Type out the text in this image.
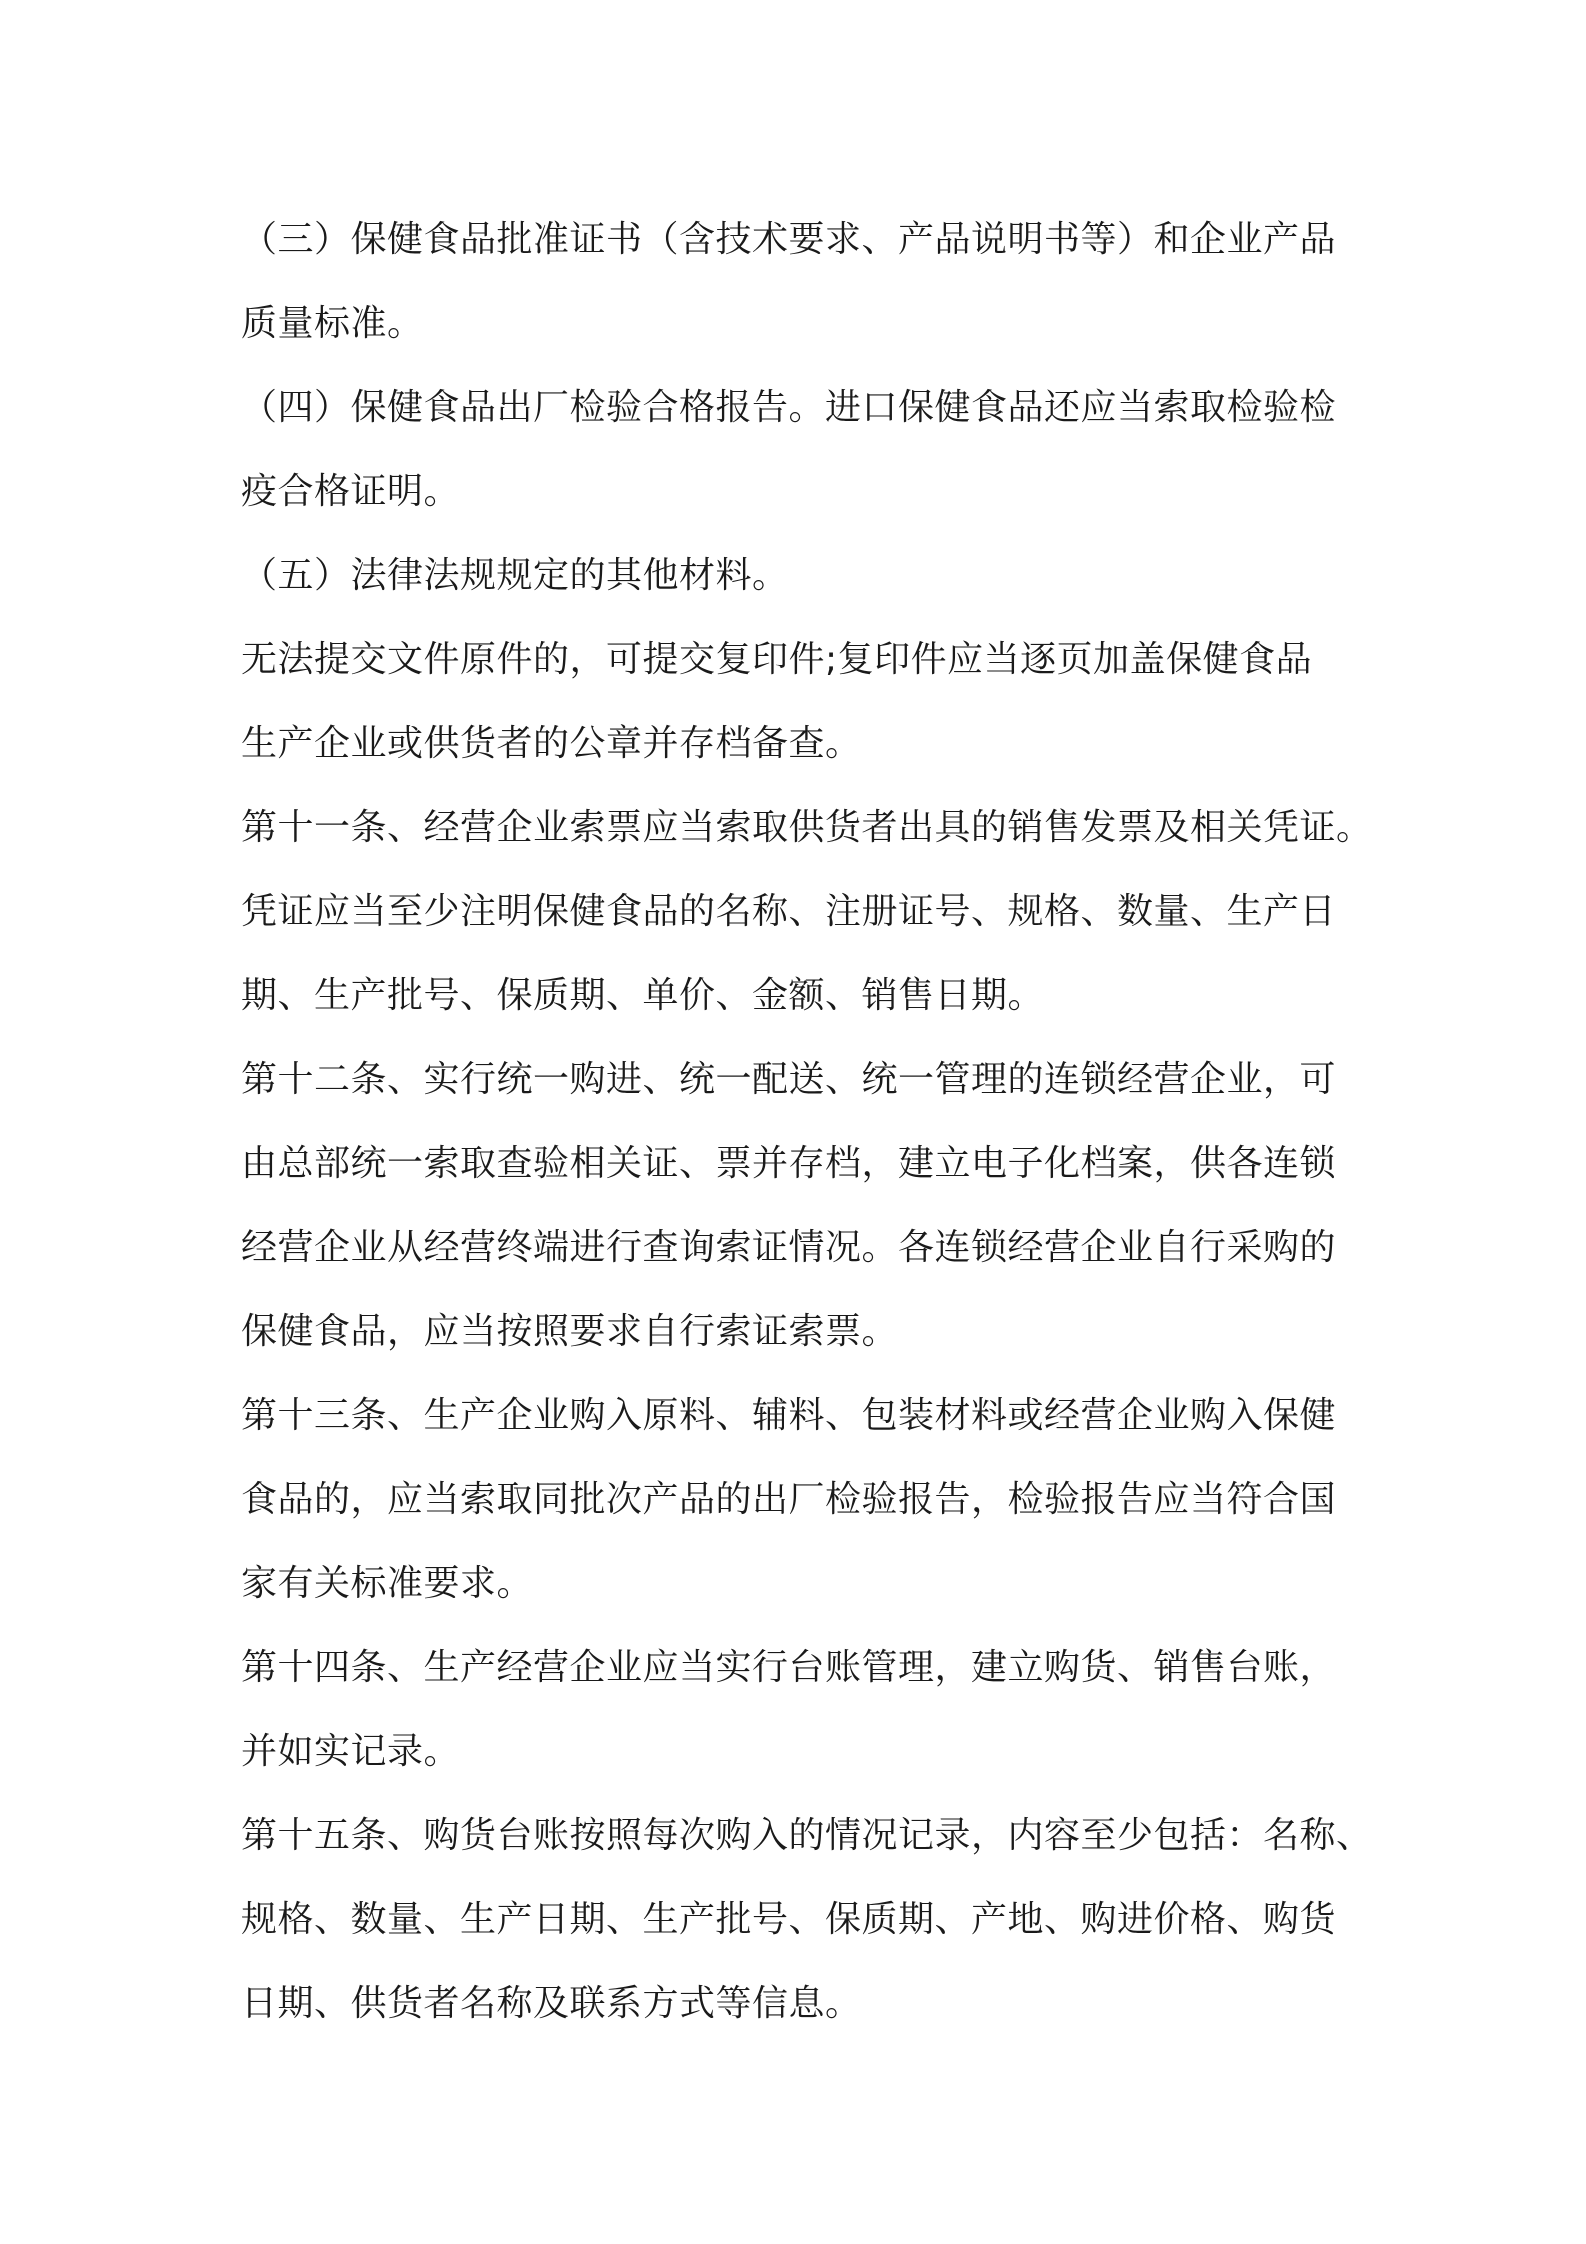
（三）保健食品批准证书（含技术要求、产品说明书等）和企业产品
质量标准。
（四）保健食品出厂检验合格报告。进口保健食品还应当索取检验检
疫合格证明。
（五）法律法规规定的其他材料。
无法提交文件原件的，可提交复印件;复印件应当逐页加盖保健食品
生产企业或供货者的公章并存档备查。
第十一条、经营企业索票应当索取供货者出具的销售发票及相关凭证。
凭证应当至少注明保健食品的名称、注册证号、规格、数量、生产日
期、生产批号、保质期、单价、金额、销售日期。
第十二条、实行统一购进、统一配送、统一管理的连锁经营企业，可
由总部统一索取查验相关证、票并存档，建立电子化档案，供各连锁
经营企业从经营终端进行查询索证情况。各连锁经营企业自行采购的
保健食品，应当按照要求自行索证索票。
第十三条、生产企业购入原料、辅料、包装材料或经营企业购入保健
食品的，应当索取同批次产品的出厂检验报告，检验报告应当符合国
家有关标准要求。
第十四条、生产经营企业应当实行台账管理，建立购货、销售台账，
并如实记录。
第十五条、购货台账按照每次购入的情况记录，内容至少包括：名称、
规格、数量、生产日期、生产批号、保质期、产地、购进价格、购货
日期、供货者名称及联系方式等信息。
